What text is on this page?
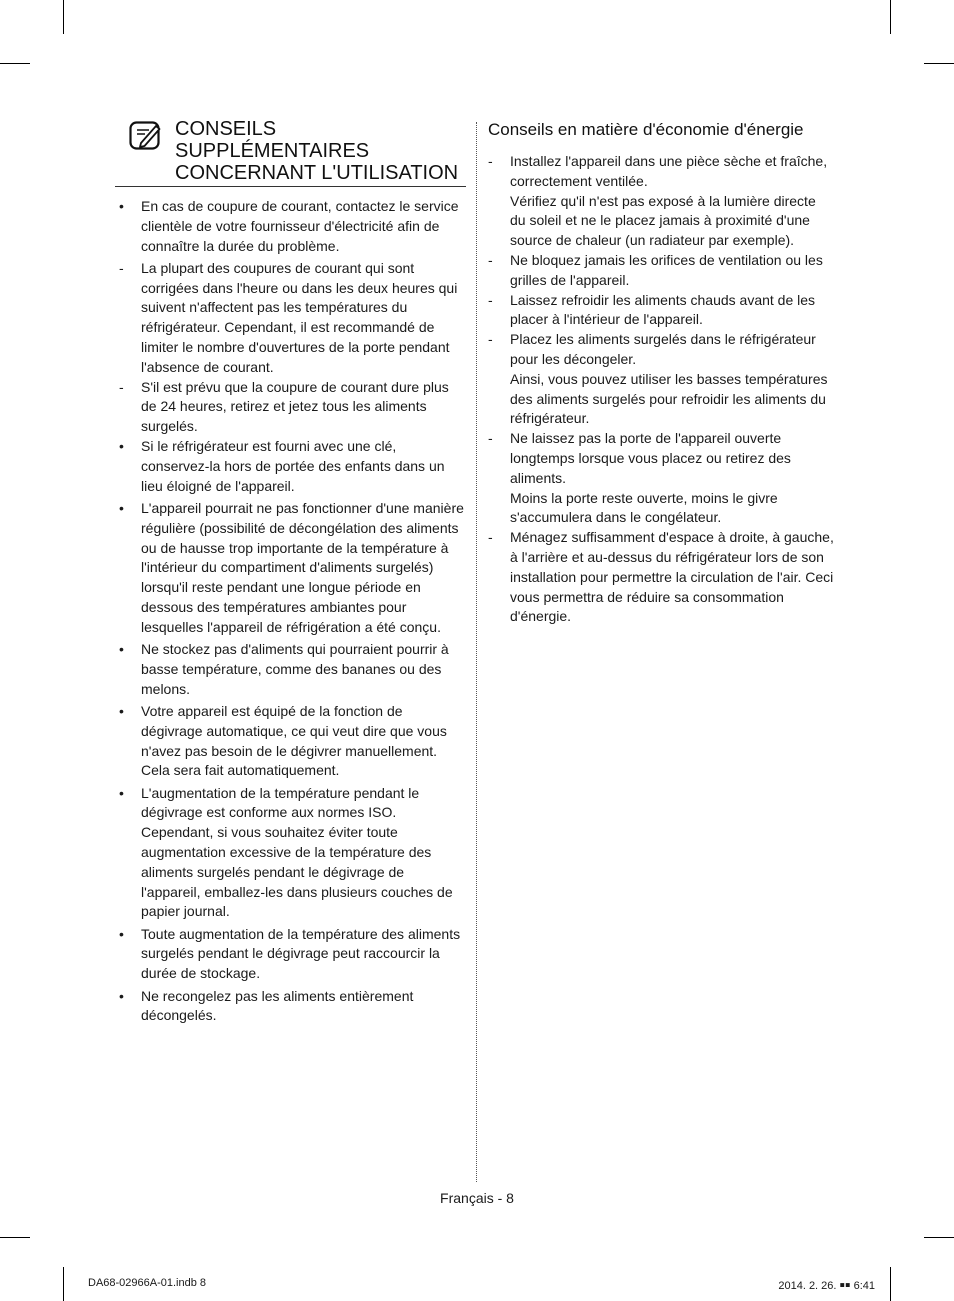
CONSEILS SUPPLÉMENTAIRES CONCERNANT L'UTILISATION
• En cas de coupure de courant, contactez le service clientèle de votre fournisseur d'électricité afin de connaître la durée du problème.
- La plupart des coupures de courant qui sont corrigées dans l'heure ou dans les deux heures qui suivent n'affectent pas les températures du réfrigérateur. Cependant, il est recommandé de limiter le nombre d'ouvertures de la porte pendant l'absence de courant.
- S'il est prévu que la coupure de courant dure plus de 24 heures, retirez et jetez tous les aliments surgelés.
• Si le réfrigérateur est fourni avec une clé, conservez-la hors de portée des enfants dans un lieu éloigné de l'appareil.
• L'appareil pourrait ne pas fonctionner d'une manière régulière (possibilité de décongélation des aliments ou de hausse trop importante de la température à l'intérieur du compartiment d'aliments surgelés) lorsqu'il reste pendant une longue période en dessous des températures ambiantes pour lesquelles l'appareil de réfrigération a été conçu.
• Ne stockez pas d'aliments qui pourraient pourrir à basse température, comme des bananes ou des melons.
• Votre appareil est équipé de la fonction de dégivrage automatique, ce qui veut dire que vous n'avez pas besoin de le dégivrer manuellement. Cela sera fait automatiquement.
• L'augmentation de la température pendant le dégivrage est conforme aux normes ISO. Cependant, si vous souhaitez éviter toute augmentation excessive de la température des aliments surgelés pendant le dégivrage de l'appareil, emballez-les dans plusieurs couches de papier journal.
• Toute augmentation de la température des aliments surgelés pendant le dégivrage peut raccourcir la durée de stockage.
• Ne recongelez pas les aliments entièrement décongelés.
Conseils en matière d'économie d'énergie
- Installez l'appareil dans une pièce sèche et fraîche, correctement ventilée.
Vérifiez qu'il n'est pas exposé à la lumière directe du soleil et ne le placez jamais à proximité d'une source de chaleur (un radiateur par exemple).
- Ne bloquez jamais les orifices de ventilation ou les grilles de l'appareil.
- Laissez refroidir les aliments chauds avant de les placer à l'intérieur de l'appareil.
- Placez les aliments surgelés dans le réfrigérateur pour les décongeler.
Ainsi, vous pouvez utiliser les basses températures des aliments surgelés pour refroidir les aliments du réfrigérateur.
- Ne laissez pas la porte de l'appareil ouverte longtemps lorsque vous placez ou retirez des aliments.
Moins la porte reste ouverte, moins le givre s'accumulera dans le congélateur.
- Ménagez suffisamment d'espace à droite, à gauche, à l'arrière et au-dessus du réfrigérateur lors de son installation pour permettre la circulation de l'air. Ceci vous permettra de réduire sa consommation d'énergie.
Français - 8
DA68-02966A-01.indb 8	2014. 2. 26. ￭￭ 6:41
